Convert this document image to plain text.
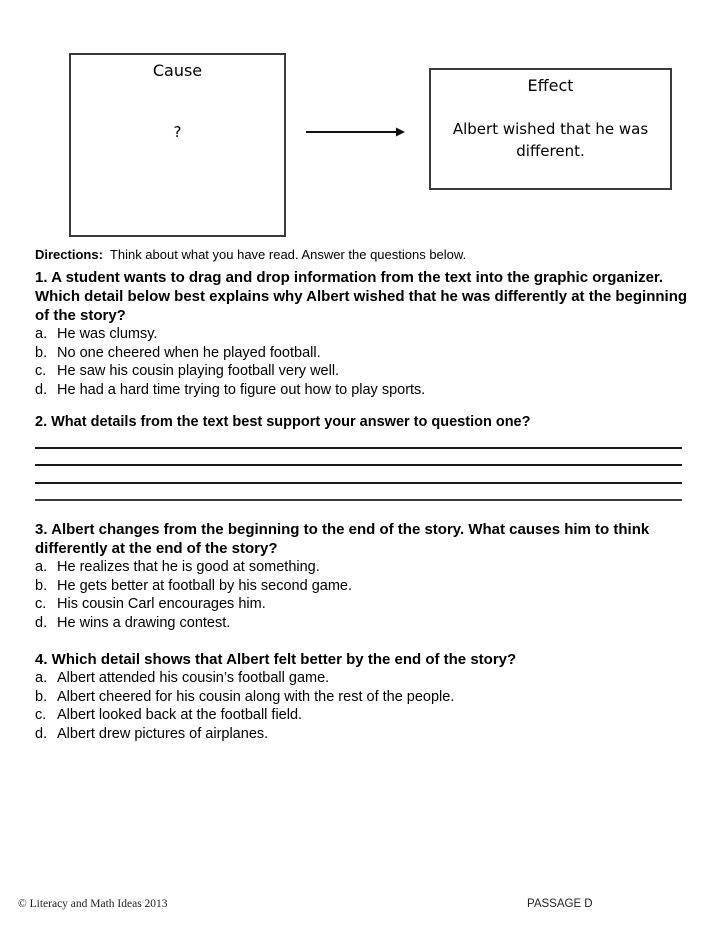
Cause
?
Effect
Albert wished that he was different.
Directions: Think about what you have read. Answer the questions below.

1. A student wants to drag and drop information from the text into the graphic organizer. Which detail below best explains why Albert wished that he was differently at the beginning of the story?

a. He was clumsy.
b. No one cheered when he played football.
c. He saw his cousin playing football very well.
d. He had a hard time trying to figure out how to play sports.

2. What details from the text best support your answer to question one?

3. Albert changes from the beginning to the end of the story. What causes him to think differently at the end of the story?

a. He realizes that he is good at something.
b. He gets better at football by his second game.
c. His cousin Carl encourages him.
d. He wins a drawing contest.

4. Which detail shows that Albert felt better by the end of the story?

a. Albert attended his cousin’s football game.
b. Albert cheered for his cousin along with the rest of the people.
c. Albert looked back at the football field.
d. Albert drew pictures of airplanes.
© Literacy and Math Ideas 2013	PASSAGE D
